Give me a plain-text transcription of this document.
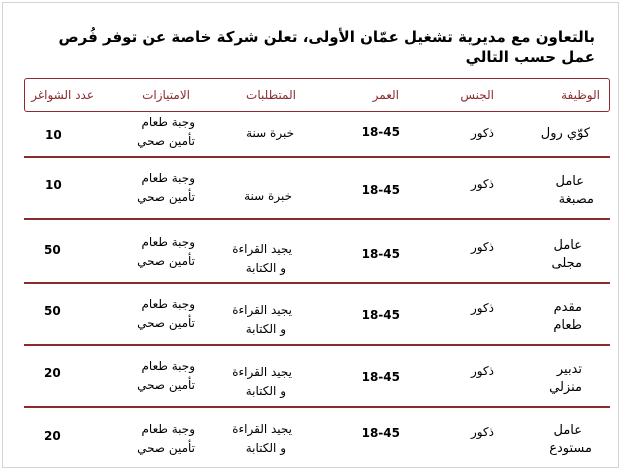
بالتعاون مع مديرية تشغيل عمّان الأولى، تعلن شركة خاصة عن توفر فُرص عمل حسب التالي
الوظيفة
الجنس
العمر
المتطلبات
الامتيازات
عدد الشواغر
كوّي رول
ذكور
18-45
خبرة سنة
وجبة طعام
تأمين صحي
10
عامل
مصبغة
ذكور
18-45
خبرة سنة
وجبة طعام
تأمين صحي
10
عامل
مجلى
ذكور
18-45
يجيد القراءة
و الكتابة
وجبة طعام
تأمين صحي
50
مقدم
طعام
ذكور
18-45
يجيد القراءة
و الكتابة
وجبة طعام
تأمين صحي
50
تدبير
منزلي
ذكور
18-45
يجيد القراءة
و الكتابة
وجبة طعام
تأمين صحي
20
عامل
مستودع
ذكور
18-45
يجيد القراءة
و الكتابة
وجبة طعام
تأمين صحي
20
